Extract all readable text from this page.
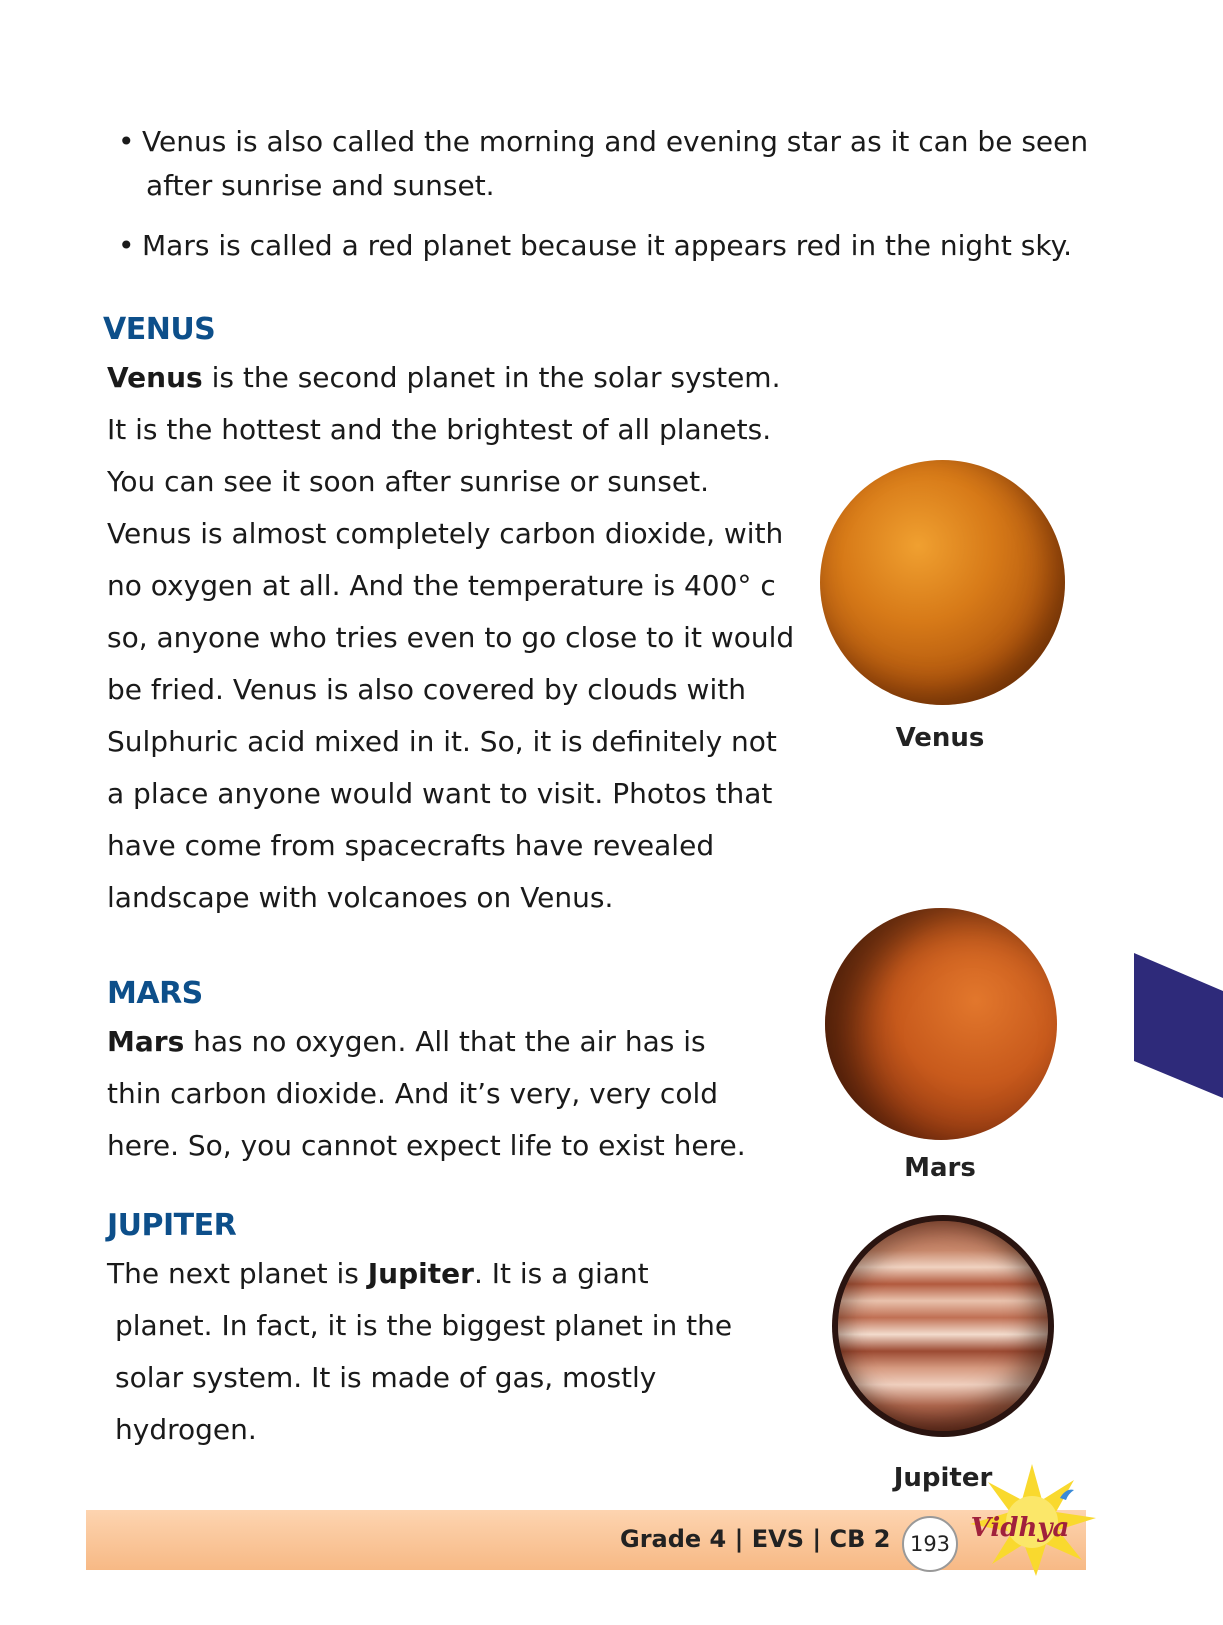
• Venus is also called the morning and evening star as it can be seen
after sunrise and sunset.
• Mars is called a red planet because it appears red in the night sky.
VENUS
Venus is the second planet in the solar system.
It is the hottest and the brightest of all planets.
You can see it soon after sunrise or sunset.
Venus is almost completely carbon dioxide, with
no oxygen at all. And the temperature is 400° c
so, anyone who tries even to go close to it would
be fried. Venus is also covered by clouds with
Sulphuric acid mixed in it. So, it is definitely not
a place anyone would want to visit. Photos that
have come from spacecrafts have revealed
landscape with volcanoes on Venus.
Venus
MARS
Mars has no oxygen. All that the air has is
thin carbon dioxide. And it’s very, very cold
here. So, you cannot expect life to exist here.
Mars
JUPITER
The next planet is Jupiter. It is a giant
planet. In fact, it is the biggest planet in the
solar system. It is made of gas, mostly
hydrogen.
Jupiter
Grade 4 | EVS | CB 2 193
Vidhya
